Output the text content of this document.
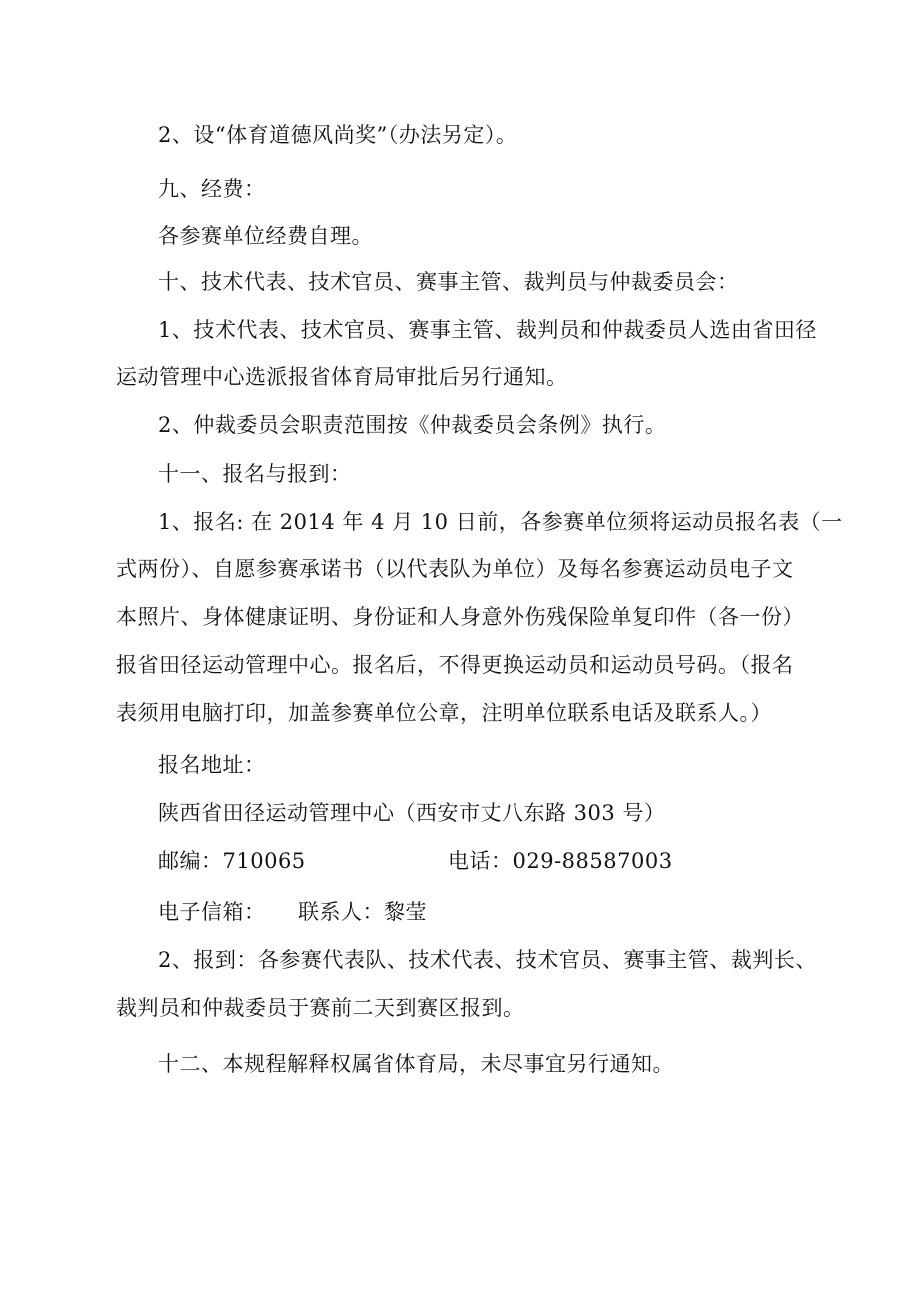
2、设“体育道德风尚奖”（办法另定）。
九、经费：
各参赛单位经费自理。
十、技术代表、技术官员、赛事主管、裁判员与仲裁委员会：
1、技术代表、技术官员、赛事主管、裁判员和仲裁委员人选由省田径
运动管理中心选派报省体育局审批后另行通知。
2、仲裁委员会职责范围按《仲裁委员会条例》执行。
十一、报名与报到：
1、报名: 在 2014 年 4 月 10 日前，各参赛单位须将运动员报名表（一
式两份）、自愿参赛承诺书（以代表队为单位）及每名参赛运动员电子文
本照片、身体健康证明、身份证和人身意外伤残保险单复印件（各一份）
报省田径运动管理中心。报名后，不得更换运动员和运动员号码。（报名
表须用电脑打印，加盖参赛单位公章，注明单位联系电话及联系人。）
报名地址：
陕西省田径运动管理中心（西安市丈八东路 303 号）
邮编：710065	电话：029-88587003
电子信箱： 联系人：黎莹
2、报到：各参赛代表队、技术代表、技术官员、赛事主管、裁判长、
裁判员和仲裁委员于赛前二天到赛区报到。
十二、本规程解释权属省体育局，未尽事宜另行通知。
